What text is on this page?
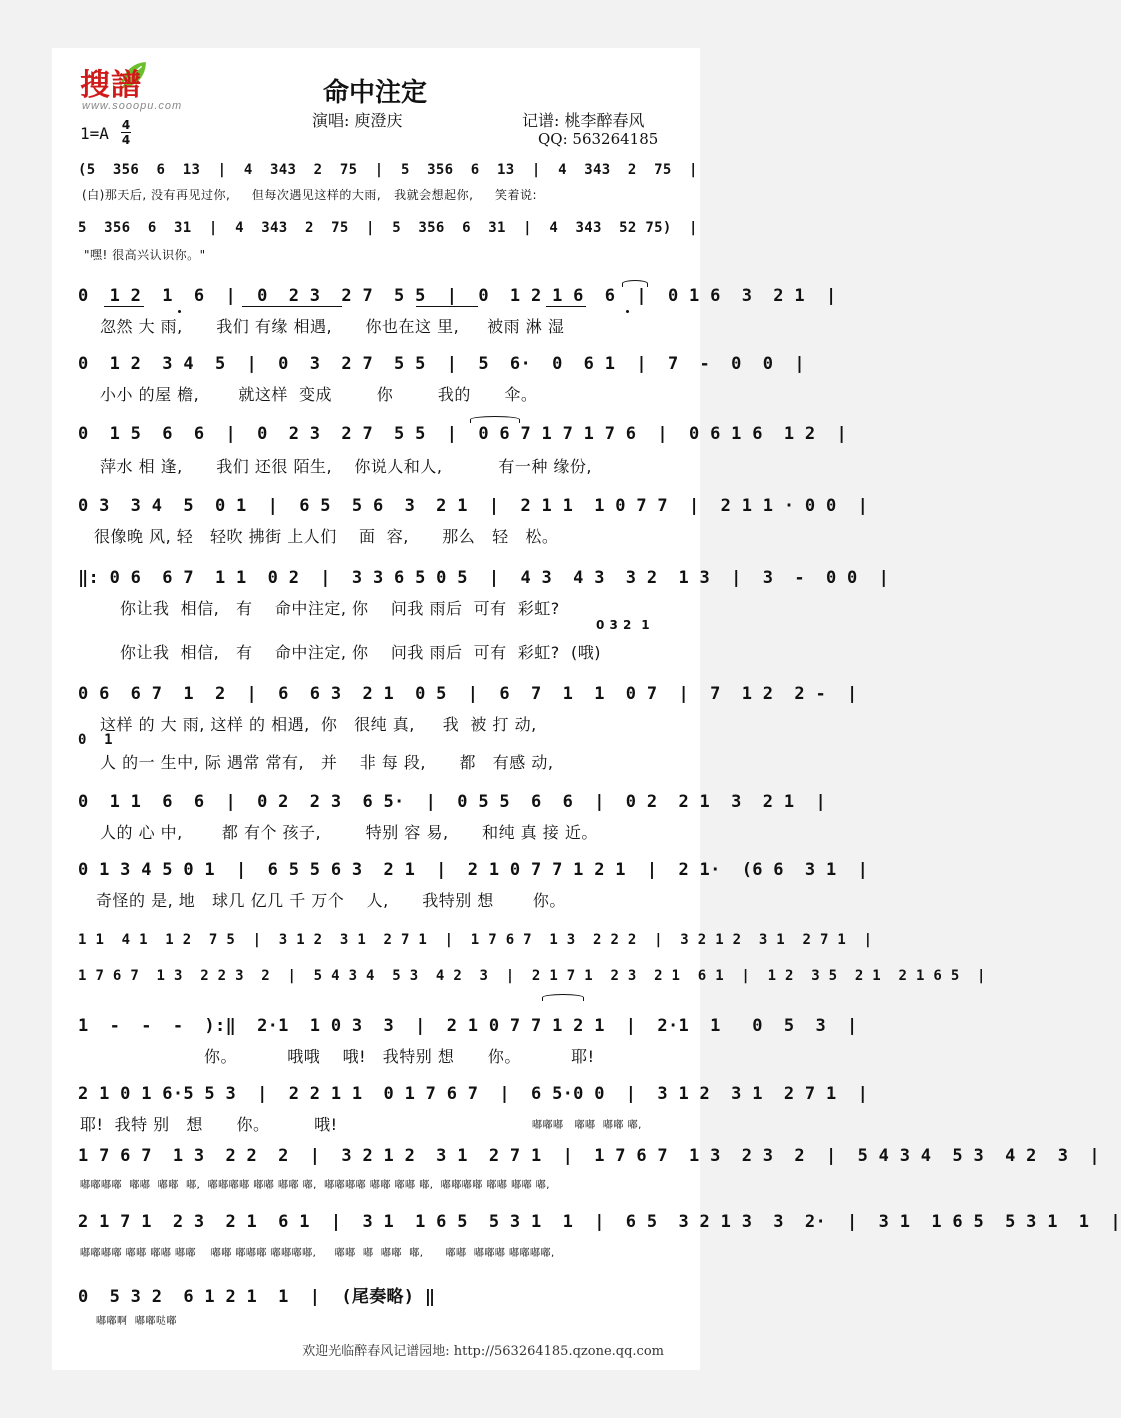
搜譜
www.sooopu.com	命中注定
演唱: 庾澄庆	记谱: 桃李醉春风
QQ: 563264185
1=A 4
4
(5  356  6  13  |  4  343  2  75  |  5  356  6  13  |  4  343  2  75  |
(白)那天后, 没有再见过你,     但每次遇见这样的大雨,   我就会想起你,     笑着说:
5  356  6  31  |  4  343  2  75  |  5  356  6  31  |  4  343  52 75)  |
"嘿! 很高兴认识你。"
0  1 2  1  6  |  0  2 3  2 7  5 5  |  0  1 2 1 6  6  |  0 1 6  3  2 1  |
忽然 大 雨,      我们 有缘 相遇,      你也在这 里,     被雨 淋 湿
0  1 2  3 4  5  |  0  3  2 7  5 5  |  5  6·  0  6 1  |  7  -  0  0  |
小小 的屋 檐,       就这样  变成        你        我的      伞。
0  1 5  6  6  |  0  2 3  2 7  5 5  |  0 6 7 1 7 1 7 6  |  0 6 1 6  1 2  |
萍水 相 逢,      我们 还很 陌生,    你说人和人,          有一种 缘份,
0 3  3 4  5  0 1  |  6 5  5 6  3  2 1  |  2 1 1  1 0 7 7  |  2 1 1 · 0 0  |
很像晚 风, 轻   轻吹 拂街 上人们    面  容,      那么   轻   松。
‖: 0 6  6 7  1 1  0 2  |  3 3 6 5 0 5  |  4 3  4 3  3 2  1 3  |  3  -  0 0  |
你让我  相信,   有    命中注定, 你    问我 雨后  可有  彩虹?
0 3 2  1
你让我  相信,   有    命中注定, 你    问我 雨后  可有  彩虹?  (哦)
0 6  6 7  1  2  |  6  6 3  2 1  0 5  |  6  7  1  1  0 7  |  7  1 2  2 -  |
这样 的 大 雨, 这样 的 相遇,  你   很纯 真,     我  被 打 动,
0  1
人 的一 生中, 际 遇常 常有,   并    非 每 段,      都   有感 动,
0  1 1  6  6  |  0 2  2 3  6 5·  |  0 5 5  6  6  |  0 2  2 1  3  2 1  |
人的 心 中,       都 有个 孩子,        特别 容 易,      和纯 真 接 近。
0 1 3 4 5 0 1  |  6 5 5 6 3  2 1  |  2 1 0 7 7 1 2 1  |  2 1·  (6 6  3 1  |
奇怪的 是, 地   球几 亿几 千 万个    人,      我特别 想       你。
1 1  4 1  1 2  7 5  |  3 1 2  3 1  2 7 1  |  1 7 6 7  1 3  2 2 2  |  3 2 1 2  3 1  2 7 1  |
1 7 6 7  1 3  2 2 3  2  |  5 4 3 4  5 3  4 2  3  |  2 1 7 1  2 3  2 1  6 1  |  1 2  3 5  2 1  2 1 6 5  |
1  -  -  -  ):‖  2·1  1 0 3  3  |  2 1 0 7 7 1 2 1  |  2·1  1   0  5  3  |
你。         哦哦    哦!   我特别 想      你。         耶!
2 1 0 1 6·5 5 3  |  2 2 1 1  0 1 7 6 7  |  6 5·0 0  |  3 1 2  3 1  2 7 1  |
耶!  我特 别   想      你。        哦!	嘟嘟嘟   嘟嘟  嘟嘟 嘟,
1 7 6 7  1 3  2 2  2  |  3 2 1 2  3 1  2 7 1  |  1 7 6 7  1 3  2 3  2  |  5 4 3 4  5 3  4 2  3  |
嘟嘟嘟嘟  嘟嘟  嘟嘟  嘟,  嘟嘟嘟嘟 嘟嘟 嘟嘟 嘟,  嘟嘟嘟嘟 嘟嘟 嘟嘟 嘟,  嘟嘟嘟嘟 嘟嘟 嘟嘟 嘟,
2 1 7 1  2 3  2 1  6 1  |  3 1  1 6 5  5 3 1  1  |  6 5  3 2 1 3  3  2·  |  3 1  1 6 5  5 3 1  1  |
嘟嘟嘟嘟 嘟嘟 嘟嘟 嘟嘟    嘟嘟 嘟嘟嘟 嘟嘟嘟嘟,     嘟嘟  嘟  嘟嘟  嘟,      嘟嘟  嘟嘟嘟 嘟嘟嘟嘟,
0  5 3 2  6 1 2 1  1  |  (尾奏略) ‖
嘟嘟啊  嘟嘟哒嘟
欢迎光临醉春风记谱园地: http://563264185.qzone.qq.com
